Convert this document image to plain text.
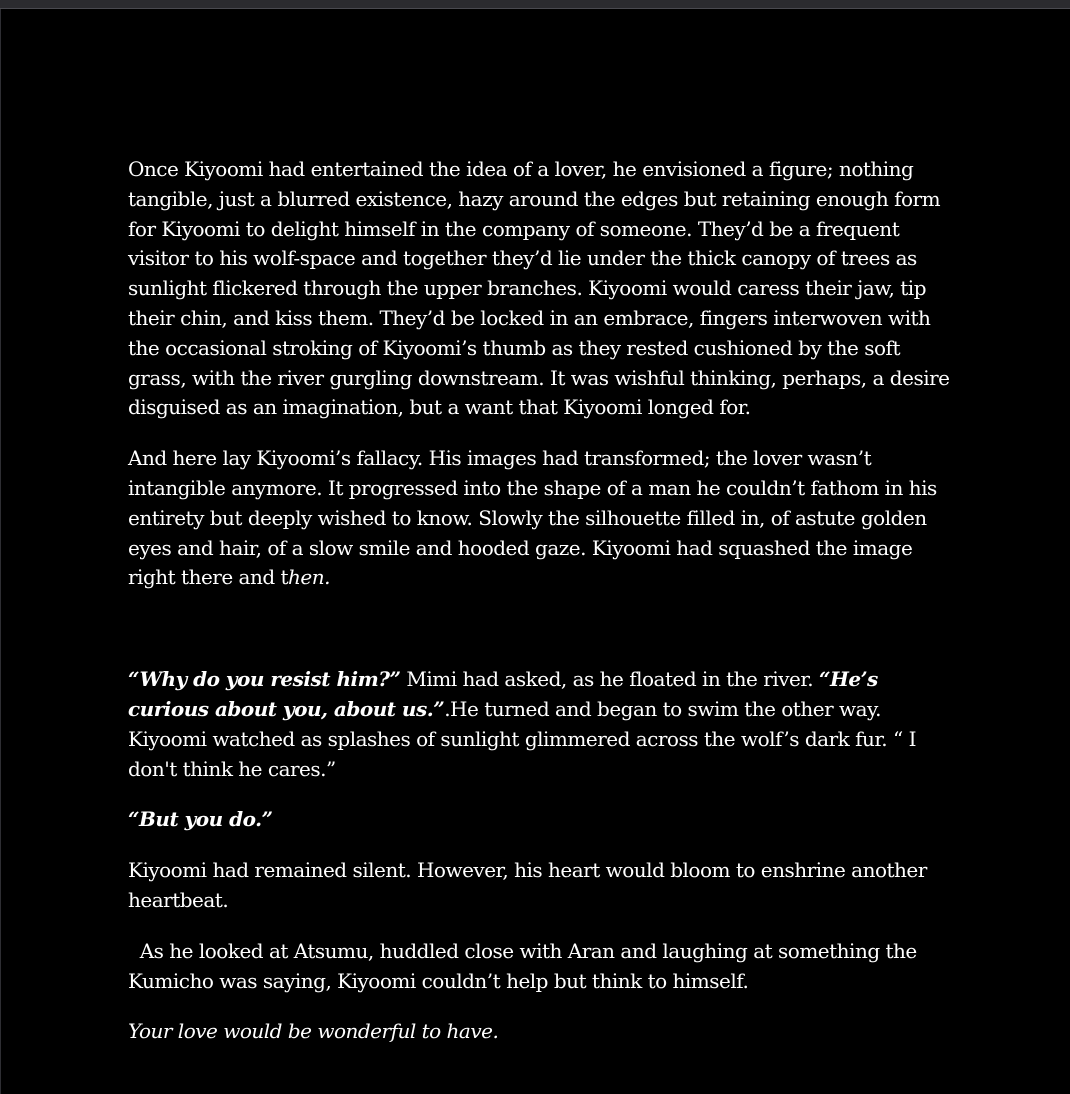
Once Kiyoomi had entertained the idea of a lover, he envisioned a figure; nothing tangible, just a blurred existence, hazy around the edges but retaining enough form for Kiyoomi to delight himself in the company of someone. They’d be a frequent visitor to his wolf-space and together they’d lie under the thick canopy of trees as sunlight flickered through the upper branches. Kiyoomi would caress their jaw, tip their chin, and kiss them. They’d be locked in an embrace, fingers interwoven with the occasional stroking of Kiyoomi’s thumb as they rested cushioned by the soft grass, with the river gurgling downstream. It was wishful thinking, perhaps, a desire disguised as an imagination, but a want that Kiyoomi longed for.

And here lay Kiyoomi’s fallacy. His images had transformed; the lover wasn’t intangible anymore. It progressed into the shape of a man he couldn’t fathom in his entirety but deeply wished to know. Slowly the silhouette filled in, of astute golden eyes and hair, of a slow smile and hooded gaze. Kiyoomi had squashed the image right there and then.

“Why do you resist him?” Mimi had asked, as he floated in the river. “He’s curious about you, about us.”.He turned and began to swim the other way. Kiyoomi watched as splashes of sunlight glimmered across the wolf’s dark fur. “ I don't think he cares.”

“But you do.”

Kiyoomi had remained silent. However, his heart would bloom to enshrine another heartbeat.

As he looked at Atsumu, huddled close with Aran and laughing at something the Kumicho was saying, Kiyoomi couldn’t help but think to himself.

Your love would be wonderful to have.
